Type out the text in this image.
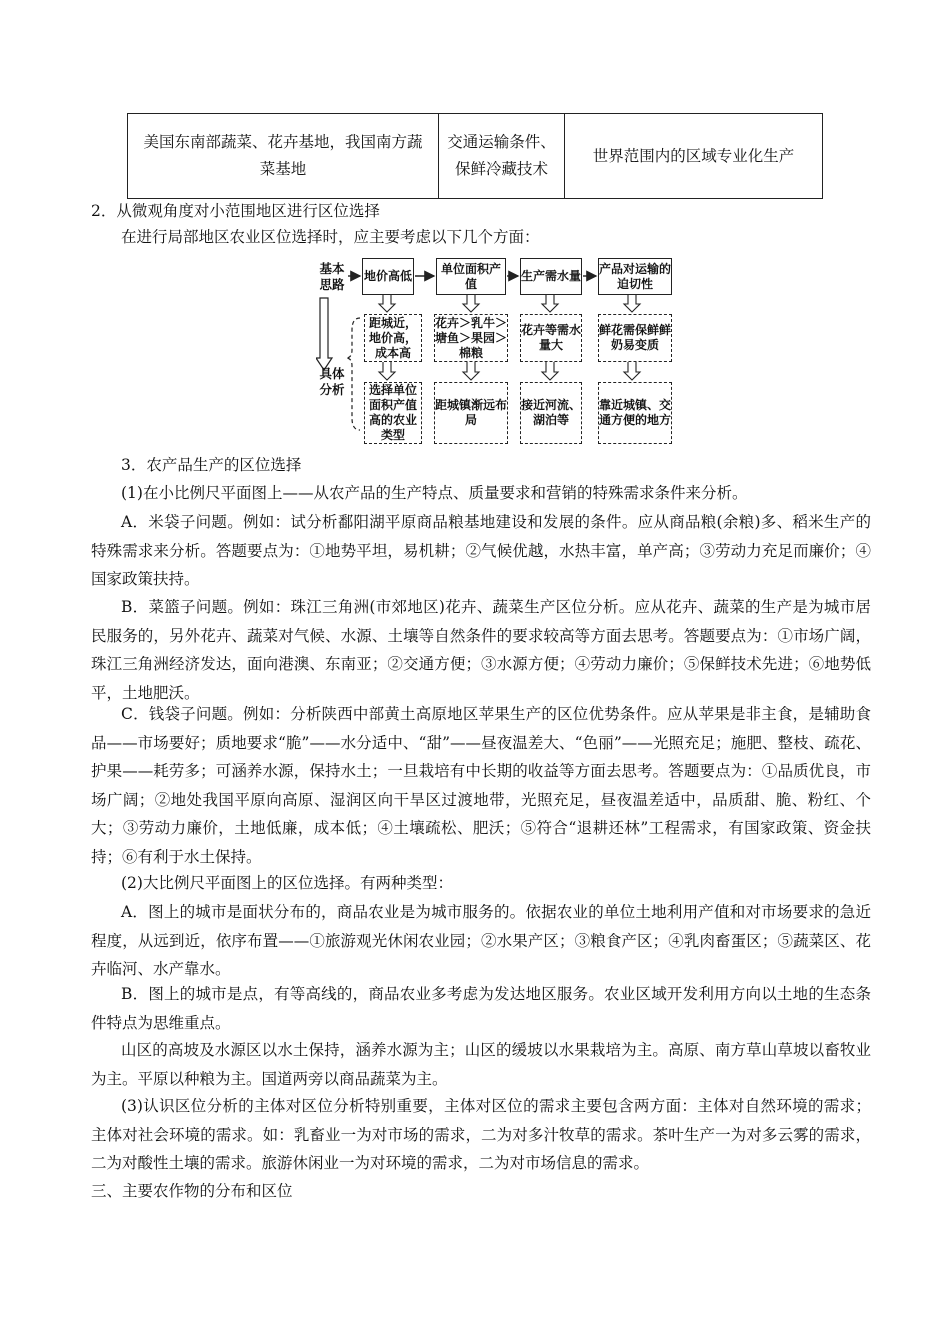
美国东南部蔬菜、花卉基地，我国南方蔬菜基地	交通运输条件、保鲜冷藏技术	世界范围内的区域专业化生产
2．从微观角度对小范围地区进行区位选择
在进行局部地区农业区位选择时，应主要考虑以下几个方面：
基本思路
具体分析
地价高低
单位面积产值
生产需水量
产品对运输的迫切性
距城近，地价高，成本高
花卉＞乳牛＞塘鱼＞果园＞棉粮
花卉等需水量大
鲜花需保鲜鲜奶易变质
选择单位面积产值高的农业类型
距城镇渐远布局
接近河流、湖泊等
靠近城镇、交通方便的地方
3．农产品生产的区位选择
(1)在小比例尺平面图上——从农产品的生产特点、质量要求和营销的特殊需求条件来分析。
A．米袋子问题。例如：试分析鄱阳湖平原商品粮基地建设和发展的条件。应从商品粮(余粮)多、稻米生产的特殊需求来分析。答题要点为：①地势平坦，易机耕；②气候优越，水热丰富，单产高；③劳动力充足而廉价；④国家政策扶持。
B．菜篮子问题。例如：珠江三角洲(市郊地区)花卉、蔬菜生产区位分析。应从花卉、蔬菜的生产是为城市居民服务的，另外花卉、蔬菜对气候、水源、土壤等自然条件的要求较高等方面去思考。答题要点为：①市场广阔，珠江三角洲经济发达，面向港澳、东南亚；②交通方便；③水源方便；④劳动力廉价；⑤保鲜技术先进；⑥地势低平，土地肥沃。
C．钱袋子问题。例如：分析陕西中部黄土高原地区苹果生产的区位优势条件。应从苹果是非主食，是辅助食品——市场要好；质地要求“脆”——水分适中、“甜”——昼夜温差大、“色丽”——光照充足；施肥、整枝、疏花、护果——耗劳多；可涵养水源，保持水土；一旦栽培有中长期的收益等方面去思考。答题要点为：①品质优良，市场广阔；②地处我国平原向高原、湿润区向干旱区过渡地带，光照充足，昼夜温差适中，品质甜、脆、粉红、个大；③劳动力廉价，土地低廉，成本低；④土壤疏松、肥沃；⑤符合“退耕还林”工程需求，有国家政策、资金扶持；⑥有利于水土保持。
(2)大比例尺平面图上的区位选择。有两种类型：
A．图上的城市是面状分布的，商品农业是为城市服务的。依据农业的单位土地利用产值和对市场要求的急近程度，从远到近，依序布置——①旅游观光休闲农业园；②水果产区；③粮食产区；④乳肉畜蛋区；⑤蔬菜区、花卉临河、水产靠水。
B．图上的城市是点，有等高线的，商品农业多考虑为发达地区服务。农业区域开发利用方向以土地的生态条件特点为思维重点。
山区的高坡及水源区以水土保持，涵养水源为主；山区的缓坡以水果栽培为主。高原、南方草山草坡以畜牧业为主。平原以种粮为主。国道两旁以商品蔬菜为主。
(3)认识区位分析的主体对区位分析特别重要，主体对区位的需求主要包含两方面：主体对自然环境的需求；主体对社会环境的需求。如：乳畜业一为对市场的需求，二为对多汁牧草的需求。茶叶生产一为对多云雾的需求，二为对酸性土壤的需求。旅游休闲业一为对环境的需求，二为对市场信息的需求。
三、主要农作物的分布和区位
